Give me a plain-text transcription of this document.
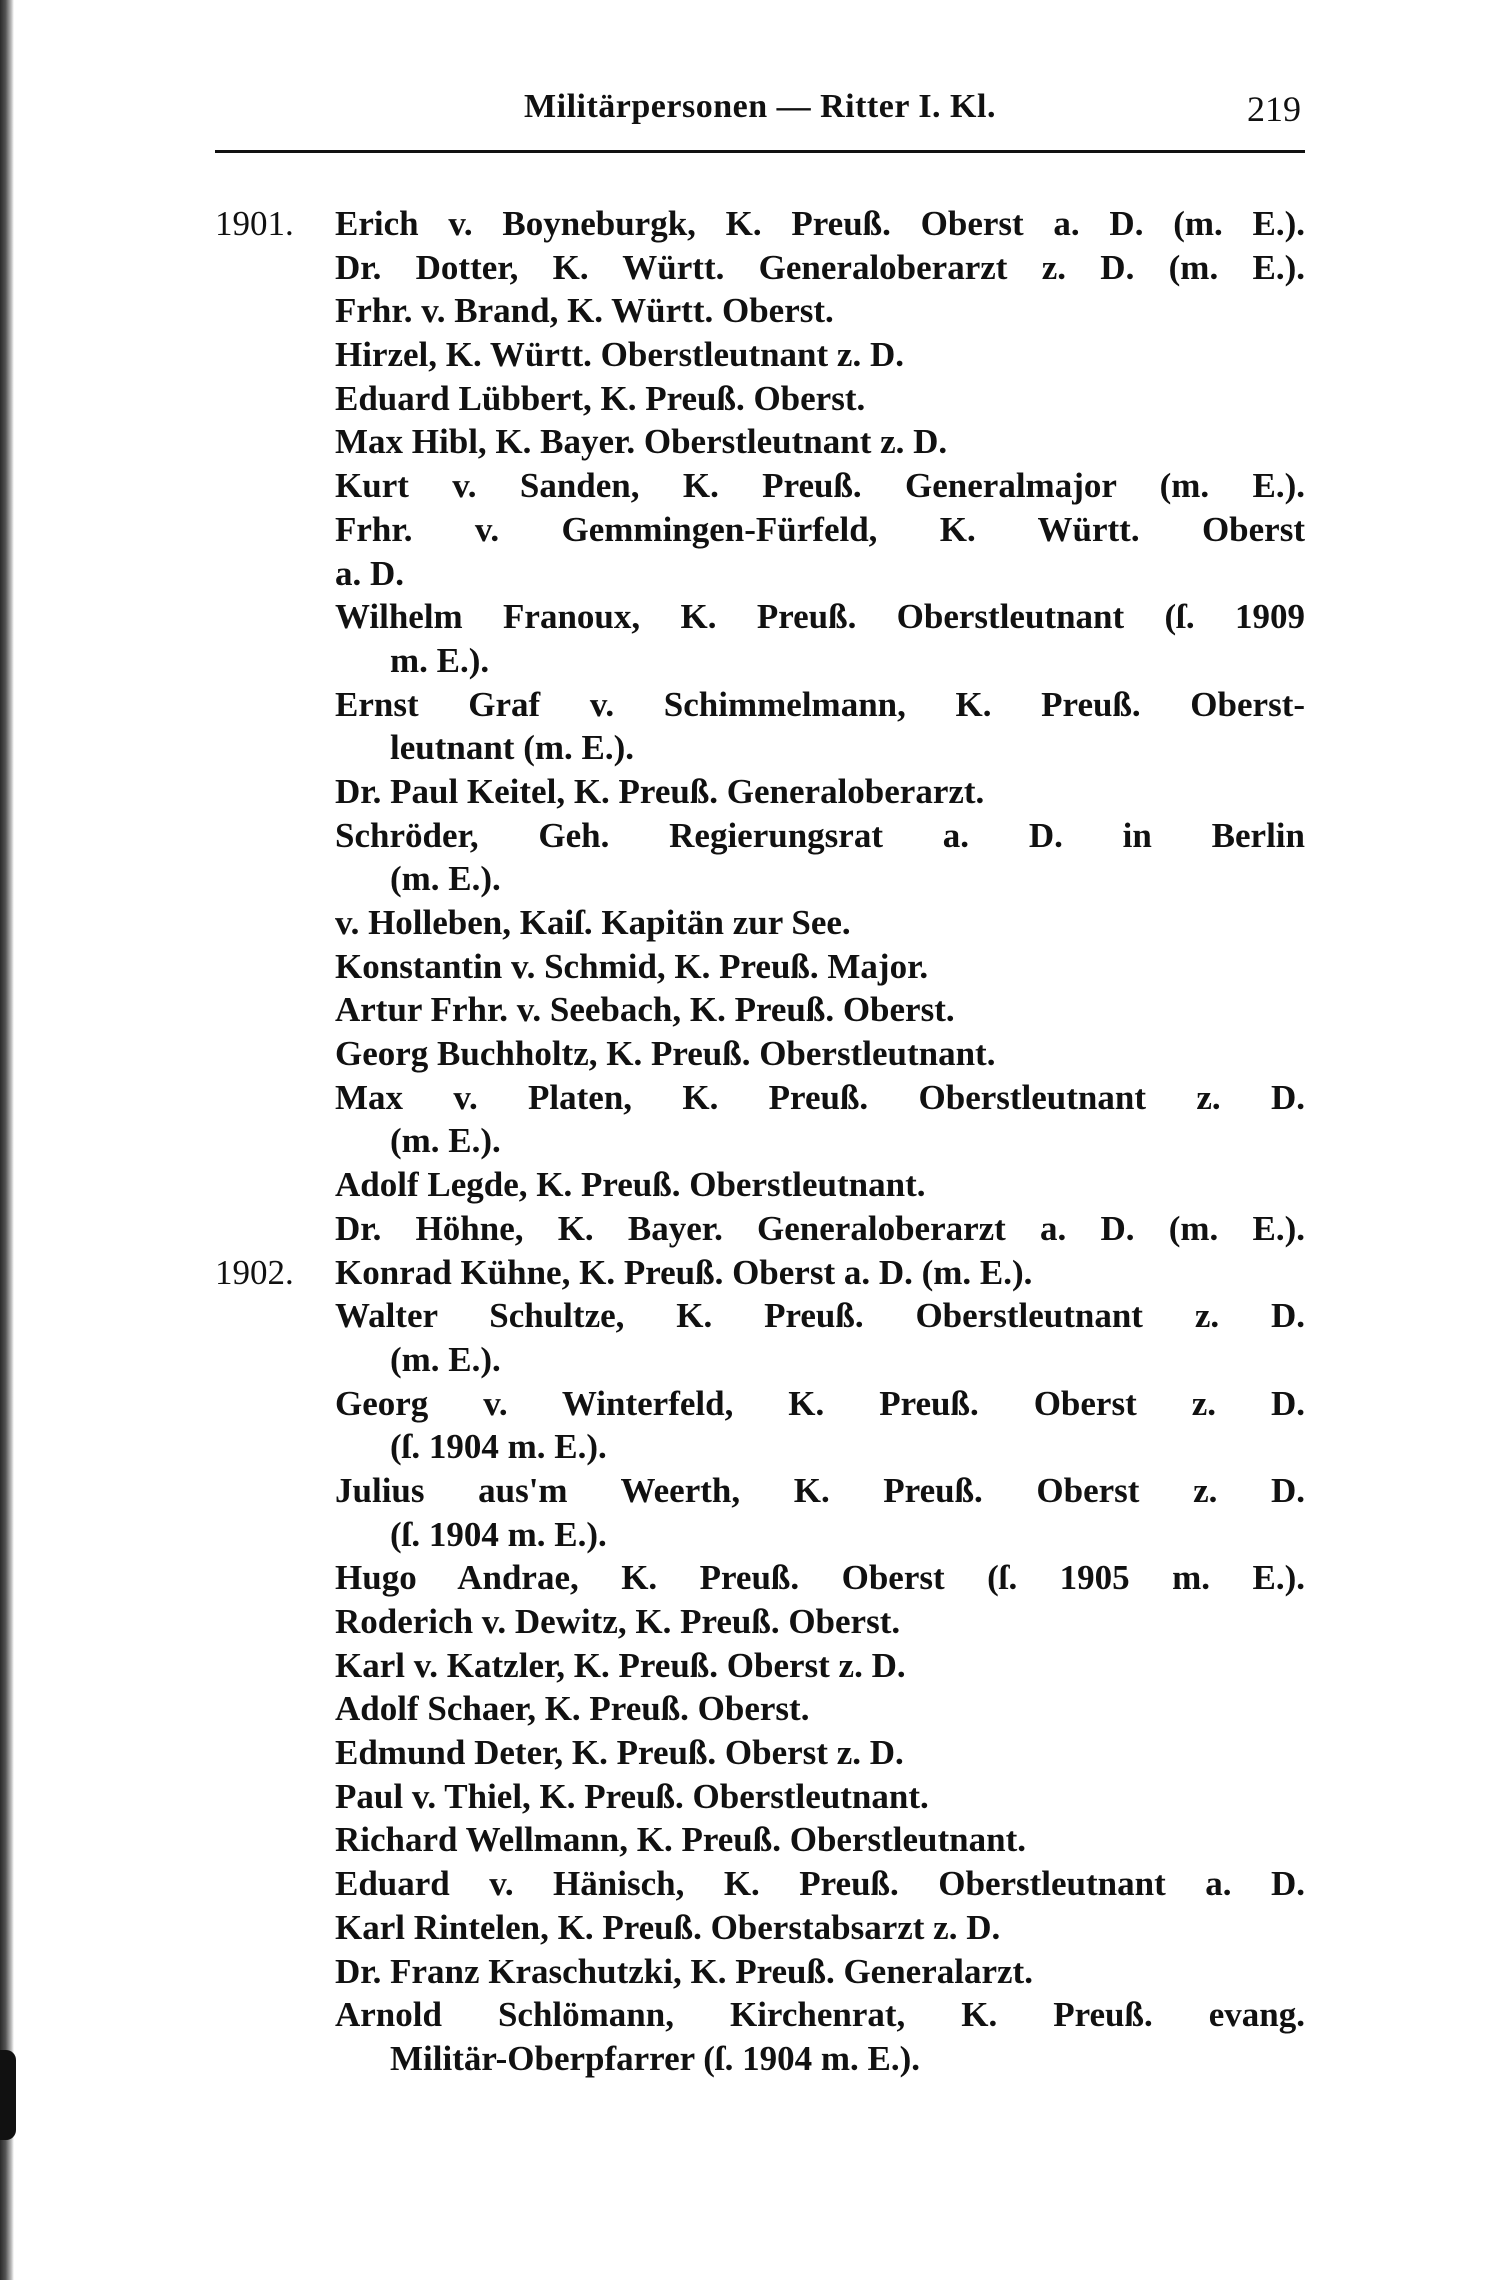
Militärpersonen — Ritter I. Kl.	219
1901. Erich v. Boyneburgk, K. Preuß. Oberst a. D. (m. E.).
Dr. Dotter, K. Württ. Generaloberarzt z. D. (m. E.).
Frhr. v. Brand, K. Württ. Oberst.
Hirzel, K. Württ. Oberstleutnant z. D.
Eduard Lübbert, K. Preuß. Oberst.
Max Hibl, K. Bayer. Oberstleutnant z. D.
Kurt v. Sanden, K. Preuß. Generalmajor (m. E.).
Frhr. v. Gemmingen-Fürfeld, K. Württ. Oberst
a. D.
Wilhelm Franoux, K. Preuß. Oberstleutnant (ſ. 1909
m. E.).
Ernst Graf v. Schimmelmann, K. Preuß. Oberst-
leutnant (m. E.).
Dr. Paul Keitel, K. Preuß. Generaloberarzt.
Schröder, Geh. Regierungsrat a. D. in Berlin
(m. E.).
v. Holleben, Kaiſ. Kapitän zur See.
Konstantin v. Schmid, K. Preuß. Major.
Artur Frhr. v. Seebach, K. Preuß. Oberst.
Georg Buchholtz, K. Preuß. Oberstleutnant.
Max v. Platen, K. Preuß. Oberstleutnant z. D.
(m. E.).
Adolf Legde, K. Preuß. Oberstleutnant.
Dr. Höhne, K. Bayer. Generaloberarzt a. D. (m. E.).
1902. Konrad Kühne, K. Preuß. Oberst a. D. (m. E.).
Walter Schultze, K. Preuß. Oberstleutnant z. D.
(m. E.).
Georg v. Winterfeld, K. Preuß. Oberst z. D.
(ſ. 1904 m. E.).
Julius aus'm Weerth, K. Preuß. Oberst z. D.
(ſ. 1904 m. E.).
Hugo Andrae, K. Preuß. Oberst (ſ. 1905 m. E.).
Roderich v. Dewitz, K. Preuß. Oberst.
Karl v. Katzler, K. Preuß. Oberst z. D.
Adolf Schaer, K. Preuß. Oberst.
Edmund Deter, K. Preuß. Oberst z. D.
Paul v. Thiel, K. Preuß. Oberstleutnant.
Richard Wellmann, K. Preuß. Oberstleutnant.
Eduard v. Hänisch, K. Preuß. Oberstleutnant a. D.
Karl Rintelen, K. Preuß. Oberstabsarzt z. D.
Dr. Franz Kraschutzki, K. Preuß. Generalarzt.
Arnold Schlömann, Kirchenrat, K. Preuß. evang.
Militär-Oberpfarrer (ſ. 1904 m. E.).
